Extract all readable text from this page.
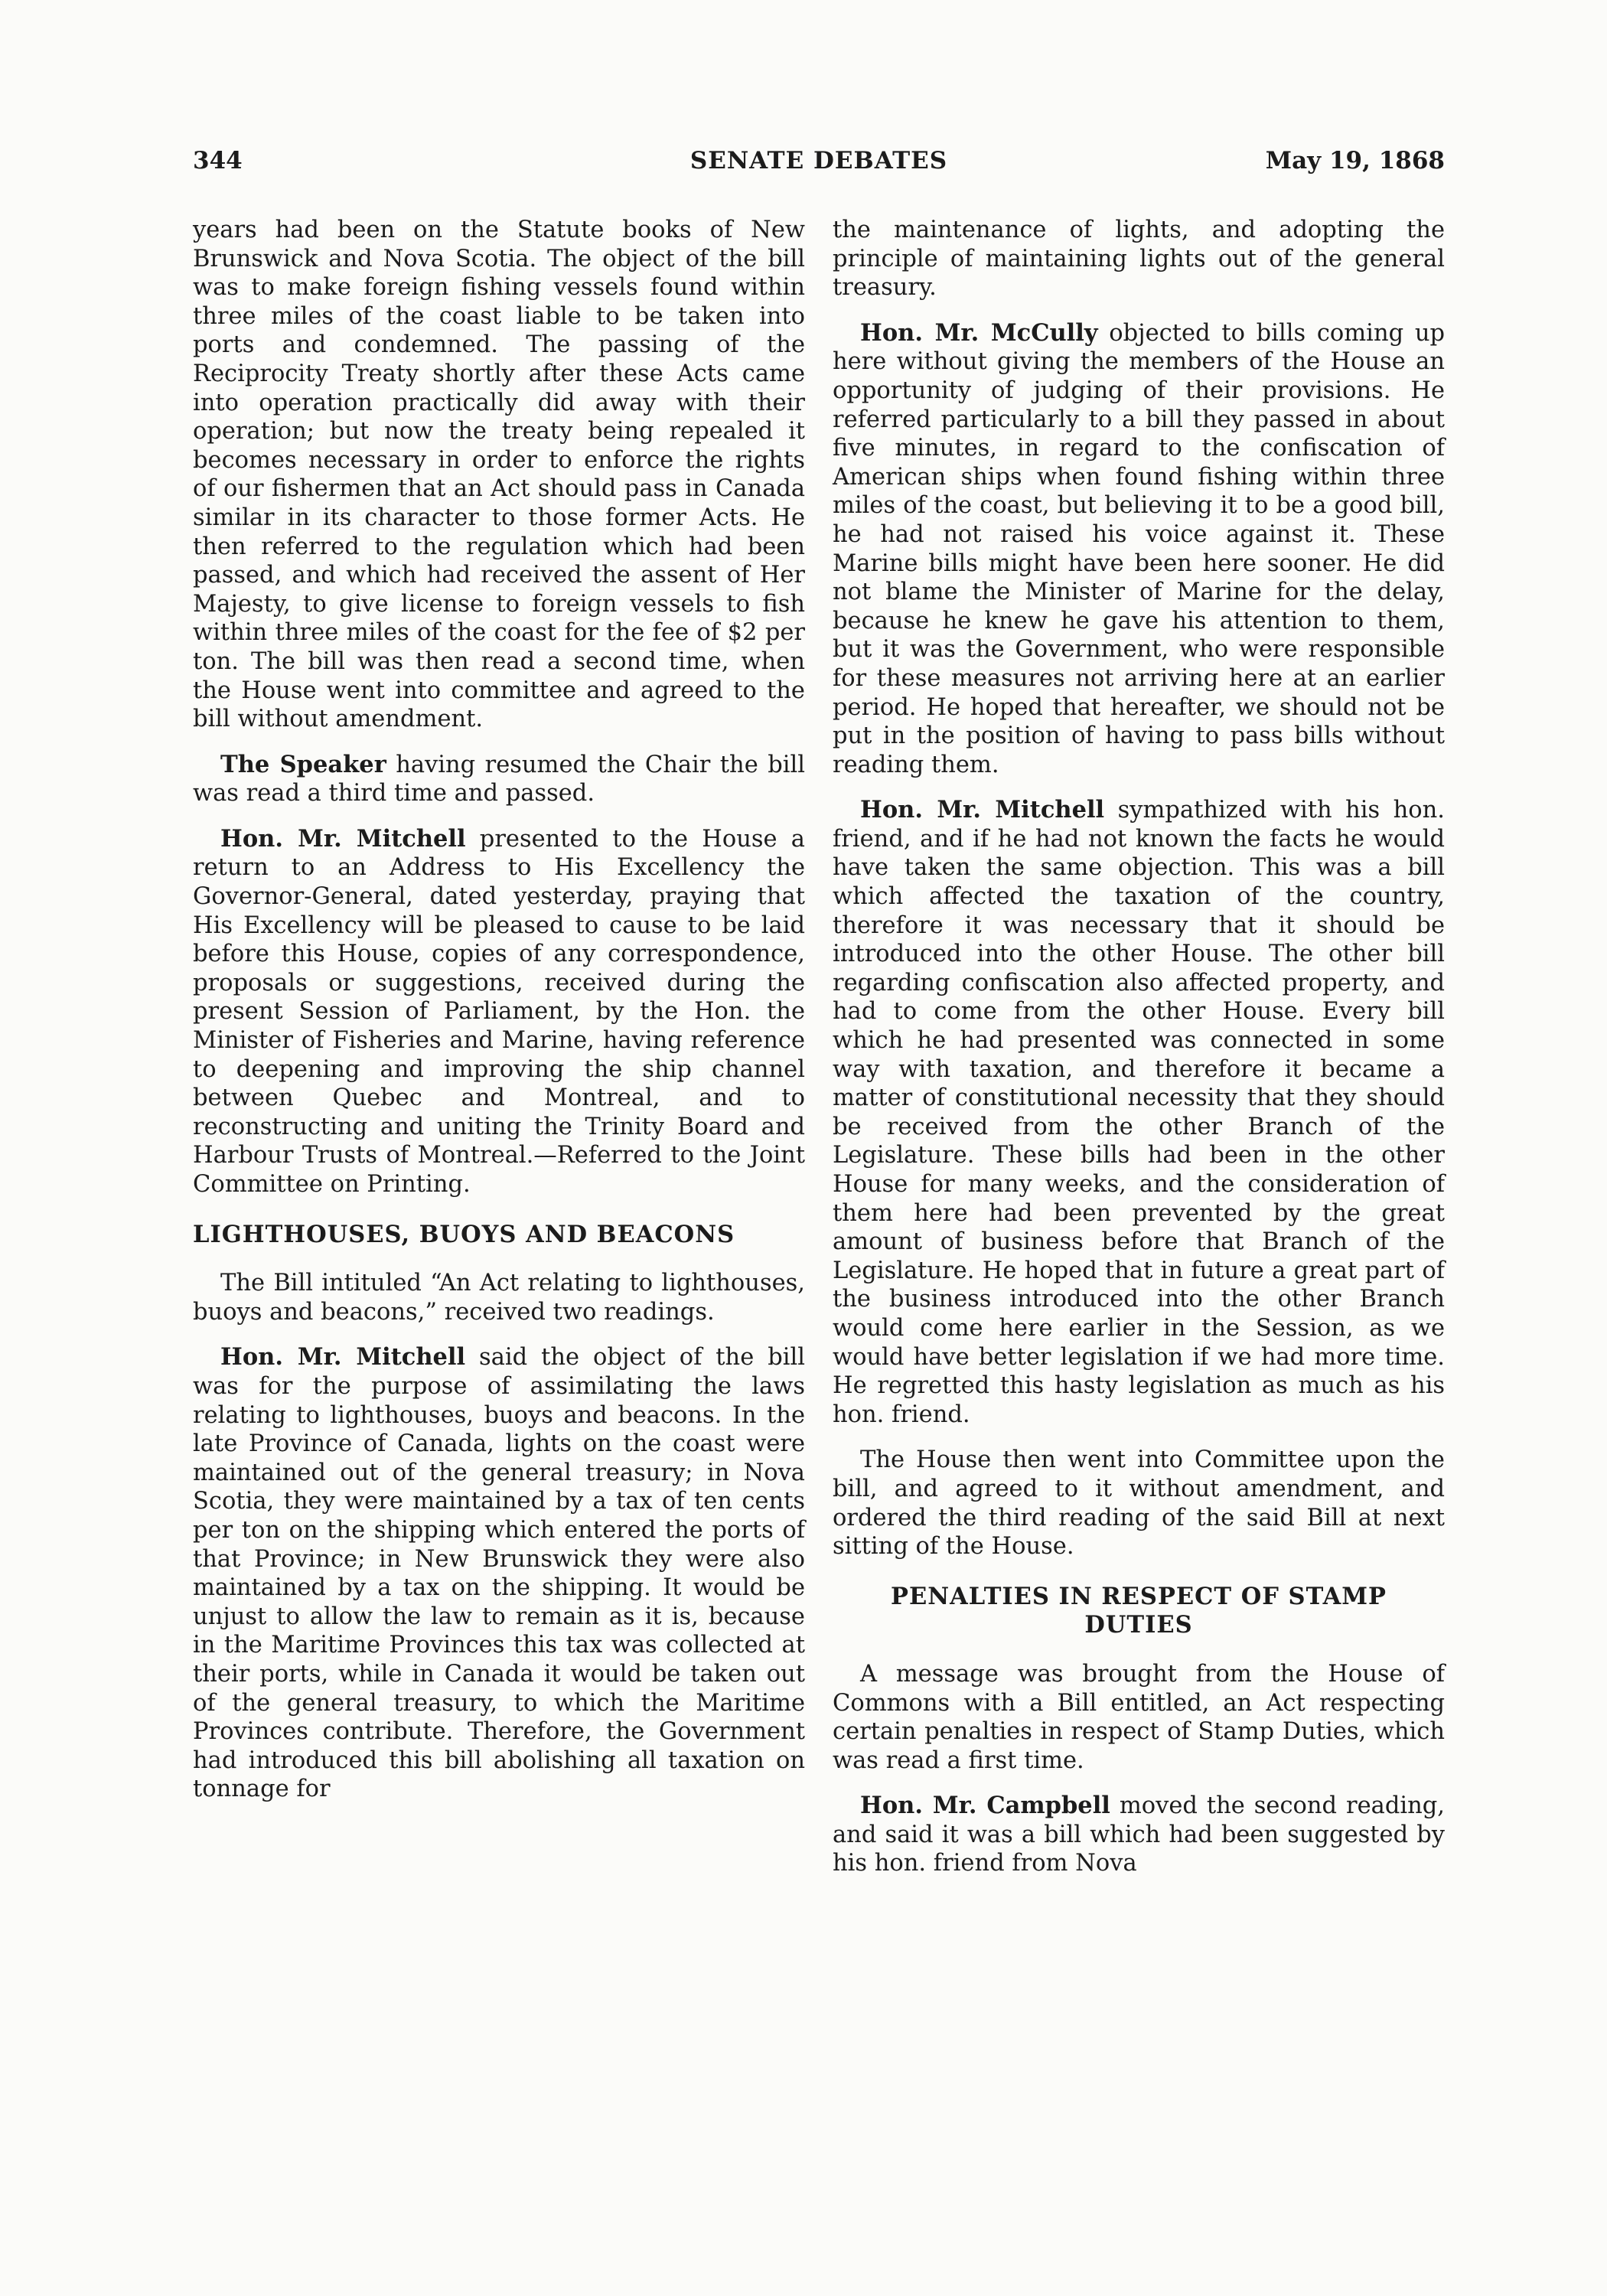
344	SENATE DEBATES	May 19, 1868

years had been on the Statute books of New Brunswick and Nova Scotia. The object of the bill was to make foreign fishing vessels found within three miles of the coast liable to be taken into ports and condemned. The passing of the Reciprocity Treaty shortly after these Acts came into operation practically did away with their operation; but now the treaty being repealed it becomes necessary in order to enforce the rights of our fishermen that an Act should pass in Canada similar in its character to those former Acts. He then referred to the regulation which had been passed, and which had received the assent of Her Majesty, to give license to foreign vessels to fish within three miles of the coast for the fee of $2 per ton. The bill was then read a second time, when the House went into committee and agreed to the bill without amendment.

The Speaker having resumed the Chair the bill was read a third time and passed.

Hon. Mr. Mitchell presented to the House a return to an Address to His Excellency the Governor-General, dated yesterday, praying that His Excellency will be pleased to cause to be laid before this House, copies of any correspondence, proposals or suggestions, received during the present Session of Parliament, by the Hon. the Minister of Fisheries and Marine, having reference to deepening and improving the ship channel between Quebec and Montreal, and to reconstructing and uniting the Trinity Board and Harbour Trusts of Montreal.—Referred to the Joint Committee on Printing.

LIGHTHOUSES, BUOYS AND BEACONS

The Bill intituled “An Act relating to lighthouses, buoys and beacons,” received two readings.

Hon. Mr. Mitchell said the object of the bill was for the purpose of assimilating the laws relating to lighthouses, buoys and beacons. In the late Province of Canada, lights on the coast were maintained out of the general treasury; in Nova Scotia, they were maintained by a tax of ten cents per ton on the shipping which entered the ports of that Province; in New Brunswick they were also maintained by a tax on the shipping. It would be unjust to allow the law to remain as it is, because in the Maritime Provinces this tax was collected at their ports, while in Canada it would be taken out of the general treasury, to which the Maritime Provinces contribute. Therefore, the Government had introduced this bill abolishing all taxation on tonnage for

the maintenance of lights, and adopting the principle of maintaining lights out of the general treasury.

Hon. Mr. McCully objected to bills coming up here without giving the members of the House an opportunity of judging of their provisions. He referred particularly to a bill they passed in about five minutes, in regard to the confiscation of American ships when found fishing within three miles of the coast, but believing it to be a good bill, he had not raised his voice against it. These Marine bills might have been here sooner. He did not blame the Minister of Marine for the delay, because he knew he gave his attention to them, but it was the Government, who were responsible for these measures not arriving here at an earlier period. He hoped that hereafter, we should not be put in the position of having to pass bills without reading them.

Hon. Mr. Mitchell sympathized with his hon. friend, and if he had not known the facts he would have taken the same objection. This was a bill which affected the taxation of the country, therefore it was necessary that it should be introduced into the other House. The other bill regarding confiscation also affected property, and had to come from the other House. Every bill which he had presented was connected in some way with taxation, and therefore it became a matter of constitutional necessity that they should be received from the other Branch of the Legislature. These bills had been in the other House for many weeks, and the consideration of them here had been prevented by the great amount of business before that Branch of the Legislature. He hoped that in future a great part of the business introduced into the other Branch would come here earlier in the Session, as we would have better legislation if we had more time. He regretted this hasty legislation as much as his hon. friend.

The House then went into Committee upon the bill, and agreed to it without amendment, and ordered the third reading of the said Bill at next sitting of the House.

PENALTIES IN RESPECT OF STAMP DUTIES

A message was brought from the House of Commons with a Bill entitled, an Act respecting certain penalties in respect of Stamp Duties, which was read a first time.

Hon. Mr. Campbell moved the second reading, and said it was a bill which had been suggested by his hon. friend from Nova
